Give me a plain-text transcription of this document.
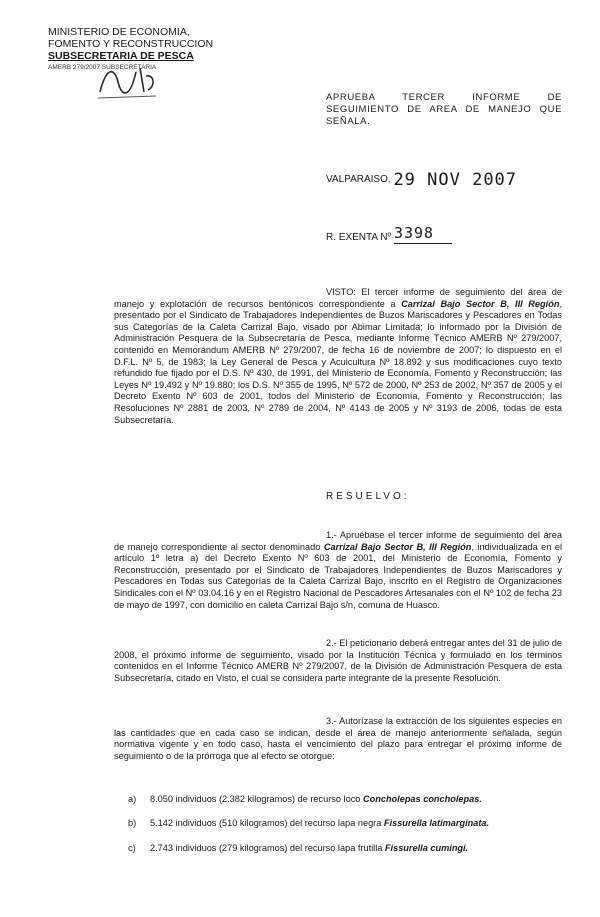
MINISTERIO DE ECONOMIA,
FOMENTO Y RECONSTRUCCION
SUBSECRETARIA DE PESCA
AMERB 279/2007 SUBSECRETARIA
APRUEBA TERCER INFORME DE SEGUIMIENTO DE AREA DE MANEJO QUE SEÑALA.
VALPARAISO, 29 NOV 2007
R. EXENTA Nº 3398
VISTO: El tercer informe de seguimiento del área de manejo y explotación de recursos bentónicos correspondiente a Carrizal Bajo Sector B, III Región, presentado por el Sindicato de Trabajadores Independientes de Buzos Mariscadores y Pescadores en Todas sus Categorías de la Caleta Carrizal Bajo, visado por Abimar Limitada; lo informado por la División de Administración Pesquera de la Subsecretaría de Pesca, mediante Informe Técnico AMERB Nº 279/2007, contenido en Memorándum AMERB Nº 279/2007, de fecha 16 de noviembre de 2007; lo dispuesto en el D.F.L. Nº 5, de 1983; la Ley General de Pesca y Acuicultura Nº 18.892 y sus modificaciones cuyo texto refundido fue fijado por el D.S. Nº 430, de 1991, del Ministerio de Economía, Fomento y Reconstrucción; las Leyes Nº 19.492 y Nº 19.880; los D.S. Nº 355 de 1995, Nº 572 de 2000, Nº 253 de 2002, Nº 357 de 2005 y el Decreto Exento Nº 603 de 2001, todos del Ministerio de Economía, Fomento y Reconstrucción; las Resoluciones Nº 2881 de 2003, Nº 2789 de 2004, Nº 4143 de 2005 y Nº 3193 de 2006, todas de esta Subsecretaría.
RESUELVO:
1.- Apruébase el tercer informe de seguimiento del área de manejo correspondiente al sector denominado Carrizal Bajo Sector B, III Región, individualizada en el artículo 1º letra a) del Decreto Exento Nº 603 de 2001, del Ministerio de Economía, Fomento y Reconstrucción, presentado por el Sindicato de Trabajadores Independientes de Buzos Mariscadores y Pescadores en Todas sus Categorías de la Caleta Carrizal Bajo, inscrito en el Registro de Organizaciones Sindicales con el Nº 03.04.16 y en el Registro Nacional de Pescadores Artesanales con el Nº 102 de fecha 23 de mayo de 1997, con domicilio en caleta Carrizal Bajo s/n, comuna de Huasco.
2.- El peticionario deberá entregar antes del 31 de julio de 2008, el próximo informe de seguimiento, visado por la Institución Técnica y formulado en los términos contenidos en el Informe Técnico AMERB Nº 279/2007, de la División de Administración Pesquera de esta Subsecretaría, citado en Visto, el cual se considera parte integrante de la presente Resolución.
3.- Autorízase la extracción de los siguientes especies en las cantidades que en cada caso se indican, desde el área de manejo anteriormente señalada, según normativa vigente y en todo caso, hasta el vencimiento del plazo para entregar el próximo informe de seguimiento o de la prórroga que al efecto se otorgue:
a) 8.050 individuos (2.382 kilogramos) de recurso loco Concholepas concholepas.
b) 5.142 individuos (510 kilogramos) del recurso lapa negra Fissurella latimarginata.
c) 2.743 individuos (279 kilogramos) del recurso lapa frutilla Fissurella cumingi.
